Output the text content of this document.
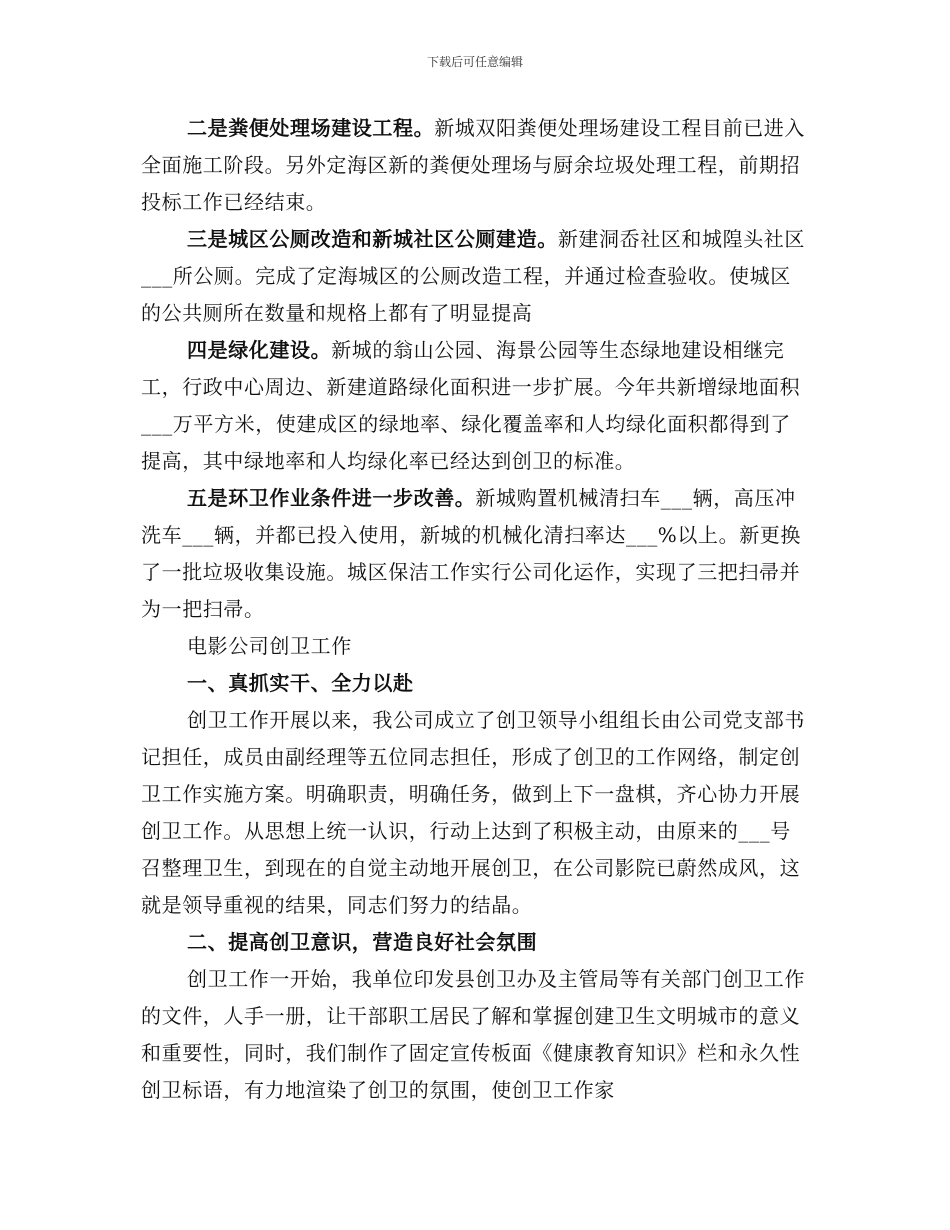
下载后可任意编辑

二是粪便处理场建设工程。新城双阳粪便处理场建设工程目前已进入全面施工阶段。另外定海区新的粪便处理场与厨余垃圾处理工程，前期招投标工作已经结束。

三是城区公厕改造和新城社区公厕建造。新建洞岙社区和城隍头社区___所公厕。完成了定海城区的公厕改造工程，并通过检查验收。使城区的公共厕所在数量和规格上都有了明显提高

四是绿化建设。新城的翁山公园、海景公园等生态绿地建设相继完工，行政中心周边、新建道路绿化面积进一步扩展。今年共新增绿地面积___万平方米，使建成区的绿地率、绿化覆盖率和人均绿化面积都得到了提高，其中绿地率和人均绿化率已经达到创卫的标准。

五是环卫作业条件进一步改善。新城购置机械清扫车___辆，高压冲洗车___辆，并都已投入使用，新城的机械化清扫率达___%以上。新更换了一批垃圾收集设施。城区保洁工作实行公司化运作，实现了三把扫帚并为一把扫帚。

电影公司创卫工作

一、真抓实干、全力以赴

创卫工作开展以来，我公司成立了创卫领导小组组长由公司党支部书记担任，成员由副经理等五位同志担任，形成了创卫的工作网络，制定创卫工作实施方案。明确职责，明确任务，做到上下一盘棋，齐心协力开展创卫工作。从思想上统一认识，行动上达到了积极主动，由原来的___号召整理卫生，到现在的自觉主动地开展创卫，在公司影院已蔚然成风，这就是领导重视的结果，同志们努力的结晶。

二、提高创卫意识，营造良好社会氛围

创卫工作一开始，我单位印发县创卫办及主管局等有关部门创卫工作的文件，人手一册，让干部职工居民了解和掌握创建卫生文明城市的意义和重要性，同时，我们制作了固定宣传板面《健康教育知识》栏和永久性创卫标语，有力地渲染了创卫的氛围，使创卫工作家
